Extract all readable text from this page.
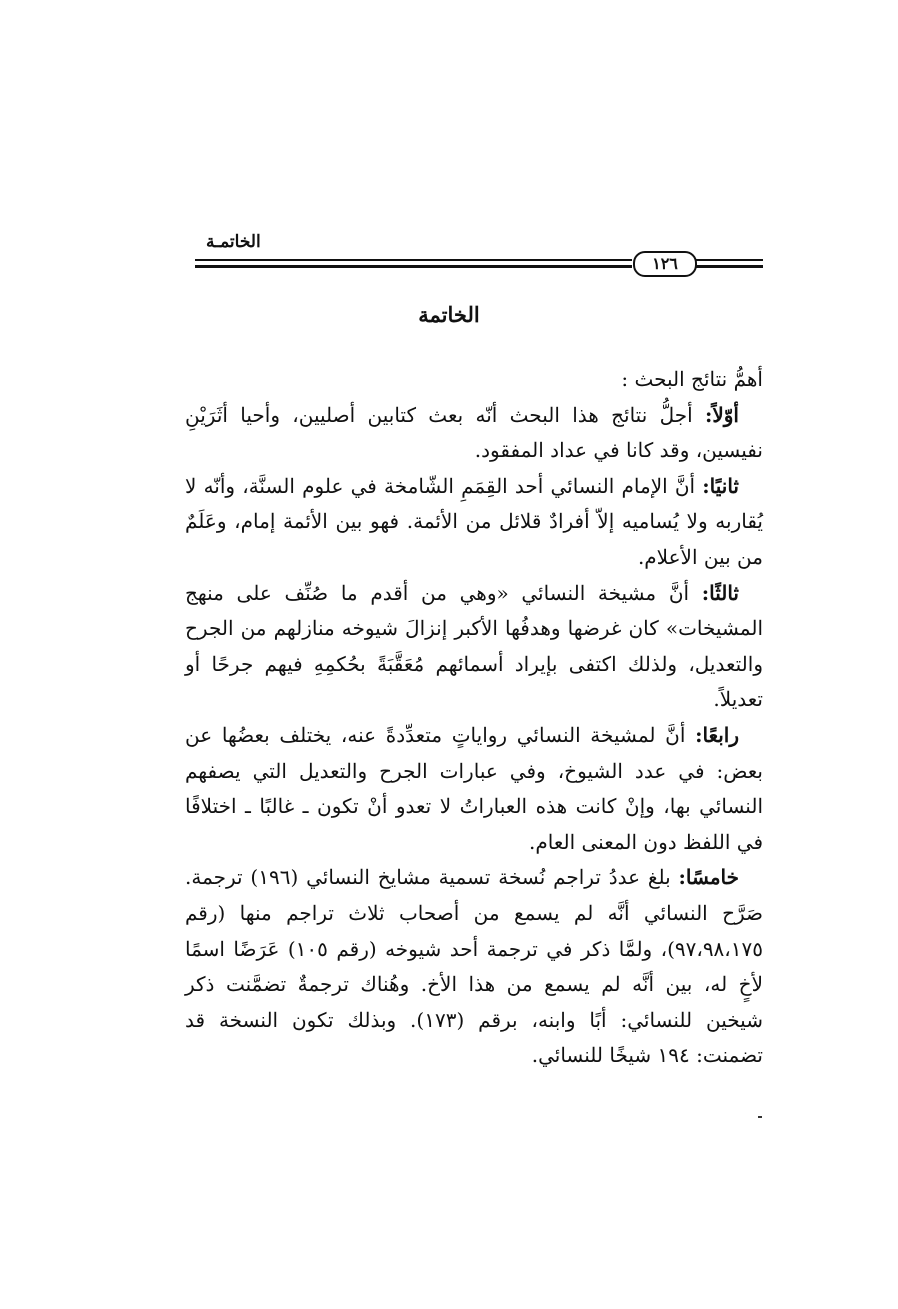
الخاتمـة
١٢٦
الخاتمة

أهمُّ نتائج البحث :

أوّلاً: أجلُّ نتائج هذا البحث أنّه بعث كتابين أصليين، وأحيا أثَرَيْنِ نفيسين، وقد كانا في عداد المفقود.

ثانيًا: أنَّ الإمام النسائي أحد القِمَمِ الشّامخة في علوم السنَّة، وأنّه لا يُقاربه ولا يُساميه إلاّ أفرادٌ قلائل من الأئمة. فهو بين الأئمة إمام، وعَلَمٌ من بين الأعلام.

ثالثًا: أنَّ مشيخة النسائي «وهي من أقدم ما صُنِّف على منهج المشيخات» كان غرضها وهدفُها الأكبر إنزالَ شيوخه منازلهم من الجرح والتعديل، ولذلك اكتفى بإيراد أسمائهم مُعَقَّبَةً بحُكمِهِ فيهم جرحًا أو تعديلاً.

رابعًا: أنَّ لمشيخة النسائي رواياتٍ متعدِّدةً عنه، يختلف بعضُها عن بعض: في عدد الشيوخ، وفي عبارات الجرح والتعديل التي يصفهم النسائي بها، وإنْ كانت هذه العباراتُ لا تعدو أنْ تكون ـ غالبًا ـ اختلافًا في اللفظ دون المعنى العام.

خامسًا: بلغ عددُ تراجم نُسخة تسمية مشايخ النسائي (١٩٦) ترجمة. صَرَّح النسائي أنَّه لم يسمع من أصحاب ثلاث تراجم منها (رقم ٩٧،٩٨،١٧٥)، ولمَّا ذكر في ترجمة أحد شيوخه (رقم ١٠٥) عَرَضًا اسمًا لأخٍ له، بين أنَّه لم يسمع من هذا الأخ. وهُناك ترجمةٌ تضمَّنت ذكر شيخين للنسائي: أبًا وابنه، برقم (١٧٣). وبذلك تكون النسخة قد تضمنت: ١٩٤ شيخًا للنسائي.
